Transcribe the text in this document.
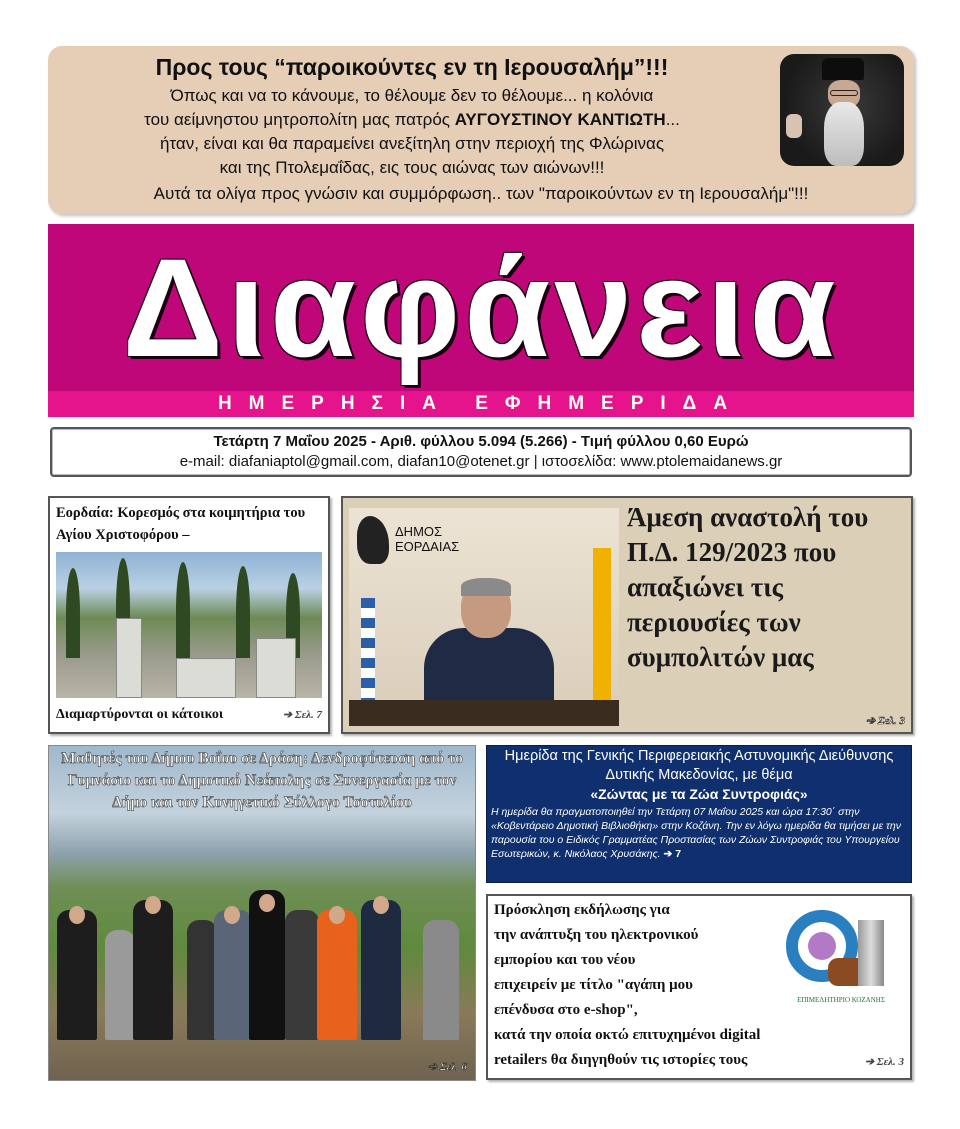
Προς τους “παροικούντες εν τη Ιερουσαλήμ”!!!
Όπως και να το κάνουμε, το θέλουμε δεν το θέλουμε... η κολόνια
του αείμνηστου μητροπολίτη μας πατρός ΑΥΓΟΥΣΤΙΝΟΥ ΚΑΝΤΙΩΤΗ...
ήταν, είναι και θα παραμείνει ανεξίτηλη στην περιοχή της Φλώρινας
και της Πτολεμαΐδας, εις τους αιώνας των αιώνων!!!
Αυτά τα ολίγα προς γνώσιν και συμμόρφωση.. των "παροικούντων εν τη Ιερουσαλήμ"!!!
Διαφάνεια
ΗΜΕΡΗΣΙΑ ΕΦΗΜΕΡΙΔΑ
Τετάρτη 7 Μαΐου 2025 - Αριθ. φύλλου 5.094 (5.266) - Τιμή φύλλου 0,60 Ευρώ
e-mail: diafaniaptol@gmail.com, diafan10@otenet.gr | ιστοσελίδα: www.ptolemaidanews.gr
Εορδαία: Κορεσμός στα κοιμητήρια του Αγίου Χριστοφόρου –
Διαμαρτύρονται οι κάτοικοι	➔ Σελ. 7
ΔΗΜΟΣ
ΕΟΡΔΑΙΑΣ
Άμεση αναστολή του Π.Δ. 129/2023 που απαξιώνει τις περιουσίες των συμπολιτών μας
➔ Σελ. 3
Μαθητές του Δήμου Βοΐου σε Δράση: Δενδροφύτευση από το Γυμνάσιο και το Δημοτικό Νεάπολης σε Συνεργασία με τον Δήμο και τον Κυνηγετικό Σύλλογο Τσοτυλίου
➔ Σελ. 6
Ημερίδα της Γενικής Περιφερειακής Αστυνομικής Διεύθυνσης Δυτικής Μακεδονίας, με θέμα
«Ζώντας με τα Ζώα Συντροφιάς»
Η ημερίδα θα πραγματοποιηθεί την Τετάρτη 07 Μαΐου 2025 και ώρα 17:30΄ στην «Κοβεντάρειο Δημοτική Βιβλιοθήκη» στην Κοζάνη. Την εν λόγω ημερίδα θα τιμήσει με την παρουσία του ο Ειδικός Γραμματέας Προστασίας των Ζώων Συντροφιάς του Υπουργείου Εσωτερικών, κ. Νικόλαος Χρυσάκης. ➔ 7
Πρόσκληση εκδήλωσης για
την ανάπτυξη του ηλεκτρονικού
εμπορίου και του νέου
επιχειρείν με τίτλο "αγάπη μου
επένδυσα στο e-shop",
κατά την οποία οκτώ επιτυχημένοι digital
retailers θα διηγηθούν τις ιστορίες τους
ΕΠΙΜΕΛΗΤΗΡΙΟ ΚΟΖΑΝΗΣ
➔ Σελ. 3
